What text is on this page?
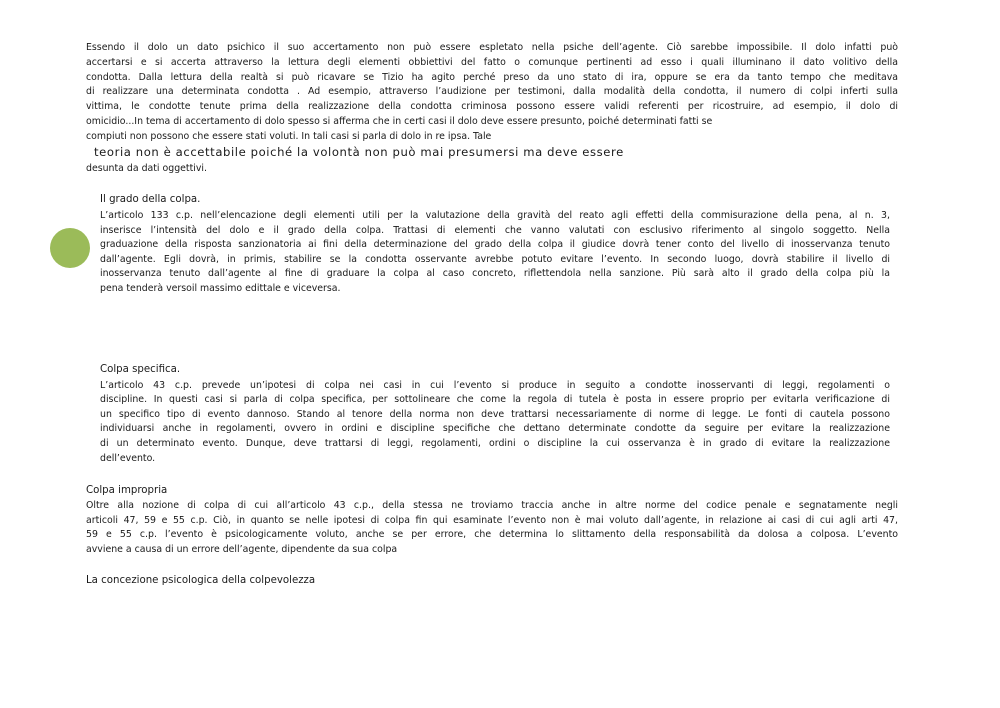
Essendo il dolo un dato psichico il suo accertamento non può essere espletato nella psiche dell’agente. Ciò sarebbe impossibile. Il dolo infatti può
accertarsi e si accerta attraverso la lettura degli elementi obbiettivi del fatto o comunque pertinenti ad esso i quali illuminano il dato volitivo della
condotta. Dalla lettura della realtà si può ricavare se Tizio ha agito perché preso da uno stato di ira, oppure se era da tanto tempo che meditava
di realizzare una determinata condotta . Ad esempio, attraverso l’audizione per testimoni, dalla modalità della condotta, il numero di colpi inferti sulla
vittima, le condotte tenute prima della realizzazione della condotta criminosa possono essere validi referenti per ricostruire, ad esempio, il dolo di
omicidio...In tema di accertamento di dolo spesso si afferma che in certi casi il dolo deve essere presunto, poiché determinati fatti se
compiuti non possono che essere stati voluti. In tali casi si parla di dolo in re ipsa. Tale
teoria non è accettabile poiché la volontà non può mai presumersi ma deve essere
desunta da dati oggettivi.
Il grado della colpa.
L’articolo 133 c.p. nell’elencazione degli elementi utili per la valutazione della gravità del reato agli effetti della commisurazione della pena, al n. 3,
inserisce l’intensità del dolo e il grado della colpa. Trattasi di elementi che vanno valutati con esclusivo riferimento al singolo soggetto. Nella
graduazione della risposta sanzionatoria ai fini della determinazione del grado della colpa il giudice dovrà tener conto del livello di inosservanza tenuto
dall’agente. Egli dovrà, in primis, stabilire se la condotta osservante avrebbe potuto evitare l’evento. In secondo luogo, dovrà stabilire il livello di
inosservanza tenuto dall’agente al fine di graduare la colpa al caso concreto, riflettendola nella sanzione. Più sarà alto il grado della colpa più la
pena tenderà versoil massimo edittale e viceversa.
Colpa specifica.
L’articolo 43 c.p. prevede un’ipotesi di colpa nei casi in cui l’evento si produce in seguito a condotte inosservanti di leggi, regolamenti o
discipline. In questi casi si parla di colpa specifica, per sottolineare che come la regola di tutela è posta in essere proprio per evitarla verificazione di
un specifico tipo di evento dannoso. Stando al tenore della norma non deve trattarsi necessariamente di norme di legge. Le fonti di cautela possono
individuarsi anche in regolamenti, ovvero in ordini e discipline specifiche che dettano determinate condotte da seguire per evitare la realizzazione
di un determinato evento. Dunque, deve trattarsi di leggi, regolamenti, ordini o discipline la cui osservanza è in grado di evitare la realizzazione
dell’evento.
Colpa impropria
Oltre alla nozione di colpa di cui all’articolo 43 c.p., della stessa ne troviamo traccia anche in altre norme del codice penale e segnatamente negli
articoli 47, 59 e 55 c.p. Ciò, in quanto se nelle ipotesi di colpa fin qui esaminate l’evento non è mai voluto dall’agente, in relazione ai casi di cui agli arti 47,
59 e 55 c.p. l’evento è psicologicamente voluto, anche se per errore, che determina lo slittamento della responsabilità da dolosa a colposa. L’evento
avviene a causa di un errore dell’agente, dipendente da sua colpa
La concezione psicologica della colpevolezza
